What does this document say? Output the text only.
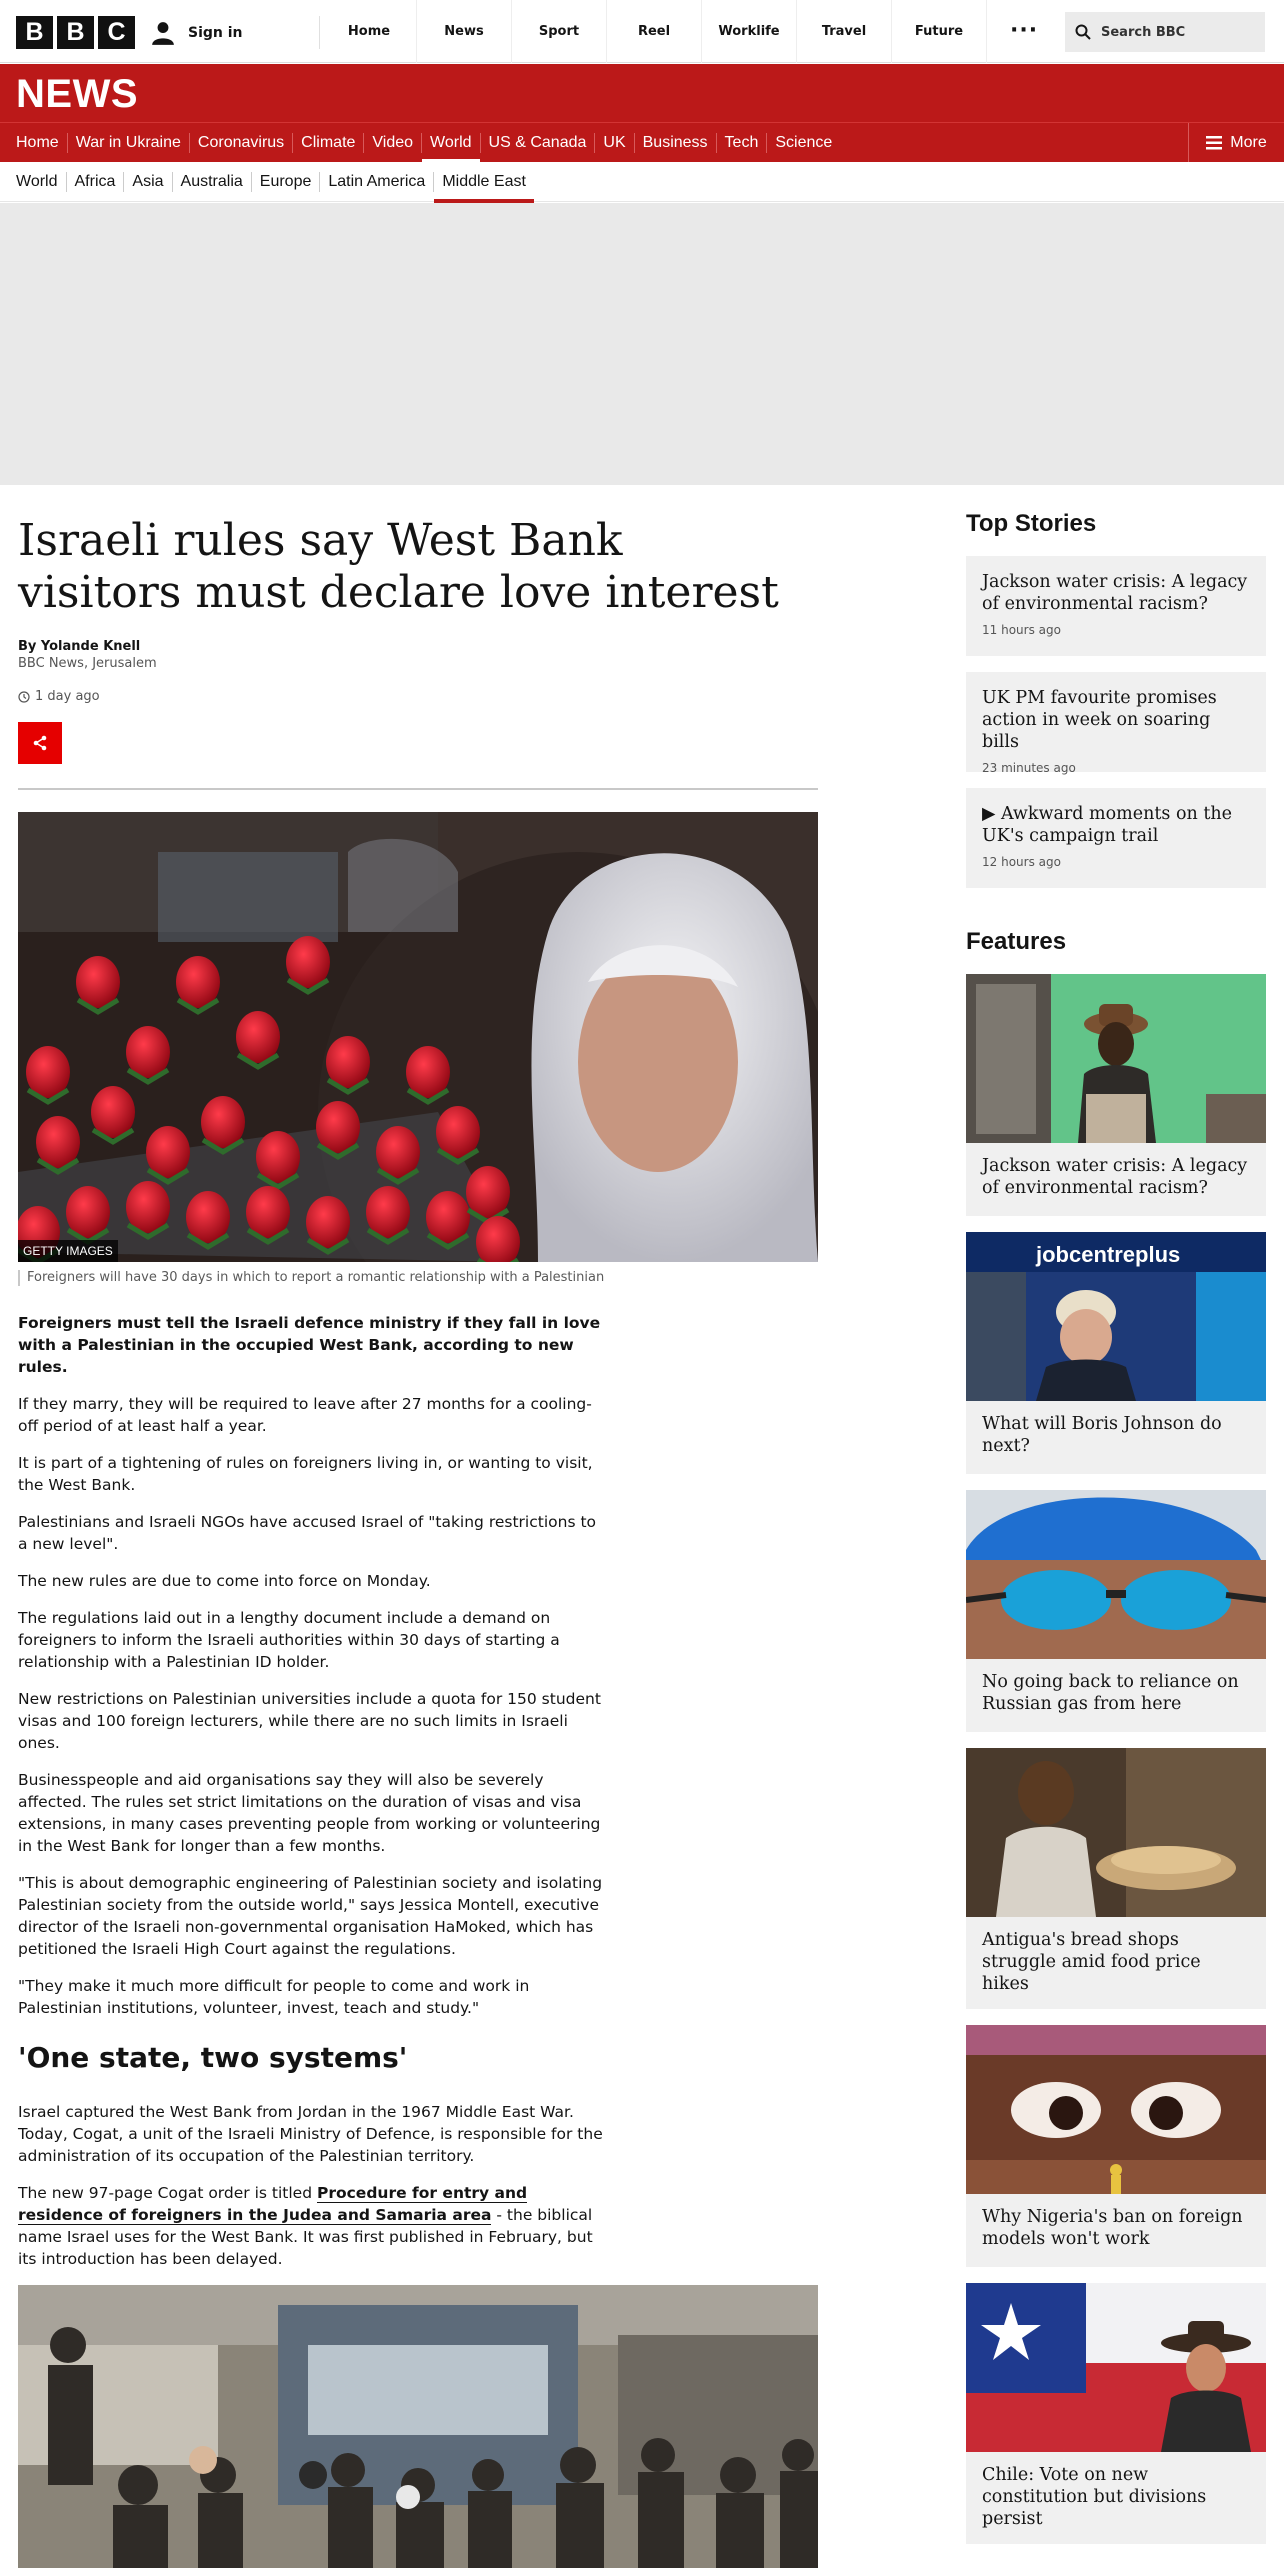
B B C	Sign in	Home	News	Sport	Reel	Worklife	Travel	Future	···	Search BBC
NEWS
Home	War in Ukraine	Coronavirus	Climate	Video	World	US & Canada	UK	Business	Tech	Science	More
World	Africa	Asia	Australia	Europe	Latin America	Middle East
Israeli rules say West Bank visitors must declare love interest
By Yolande Knell
BBC News, Jerusalem
1 day ago
GETTY IMAGES
Foreigners will have 30 days in which to report a romantic relationship with a Palestinian

Foreigners must tell the Israeli defence ministry if they fall in love with a Palestinian in the occupied West Bank, according to new rules.

If they marry, they will be required to leave after 27 months for a cooling-off period of at least half a year.

It is part of a tightening of rules on foreigners living in, or wanting to visit, the West Bank.

Palestinians and Israeli NGOs have accused Israel of "taking restrictions to a new level".

The new rules are due to come into force on Monday.

The regulations laid out in a lengthy document include a demand on foreigners to inform the Israeli authorities within 30 days of starting a relationship with a Palestinian ID holder.

New restrictions on Palestinian universities include a quota for 150 student visas and 100 foreign lecturers, while there are no such limits in Israeli ones.

Businesspeople and aid organisations say they will also be severely affected. The rules set strict limitations on the duration of visas and visa extensions, in many cases preventing people from working or volunteering in the West Bank for longer than a few months.

"This is about demographic engineering of Palestinian society and isolating Palestinian society from the outside world," says Jessica Montell, executive director of the Israeli non-governmental organisation HaMoked, which has petitioned the Israeli High Court against the regulations.

"They make it much more difficult for people to come and work in Palestinian institutions, volunteer, invest, teach and study."

'One state, two systems'

Israel captured the West Bank from Jordan in the 1967 Middle East War. Today, Cogat, a unit of the Israeli Ministry of Defence, is responsible for the administration of its occupation of the Palestinian territory.

The new 97-page Cogat order is titled Procedure for entry and residence of foreigners in the Judea and Samaria area - the biblical name Israel uses for the West Bank. It was first published in February, but its introduction has been delayed.

Top Stories
Jackson water crisis: A legacy of environmental racism?
11 hours ago
UK PM favourite promises action in week on soaring bills
23 minutes ago
▶ Awkward moments on the UK's campaign trail
12 hours ago
Features
Jackson water crisis: A legacy of environmental racism?
jobcentreplus
What will Boris Johnson do next?
No going back to reliance on Russian gas from here
Antigua's bread shops struggle amid food price hikes
Why Nigeria's ban on foreign models won't work
Chile: Vote on new constitution but divisions persist
